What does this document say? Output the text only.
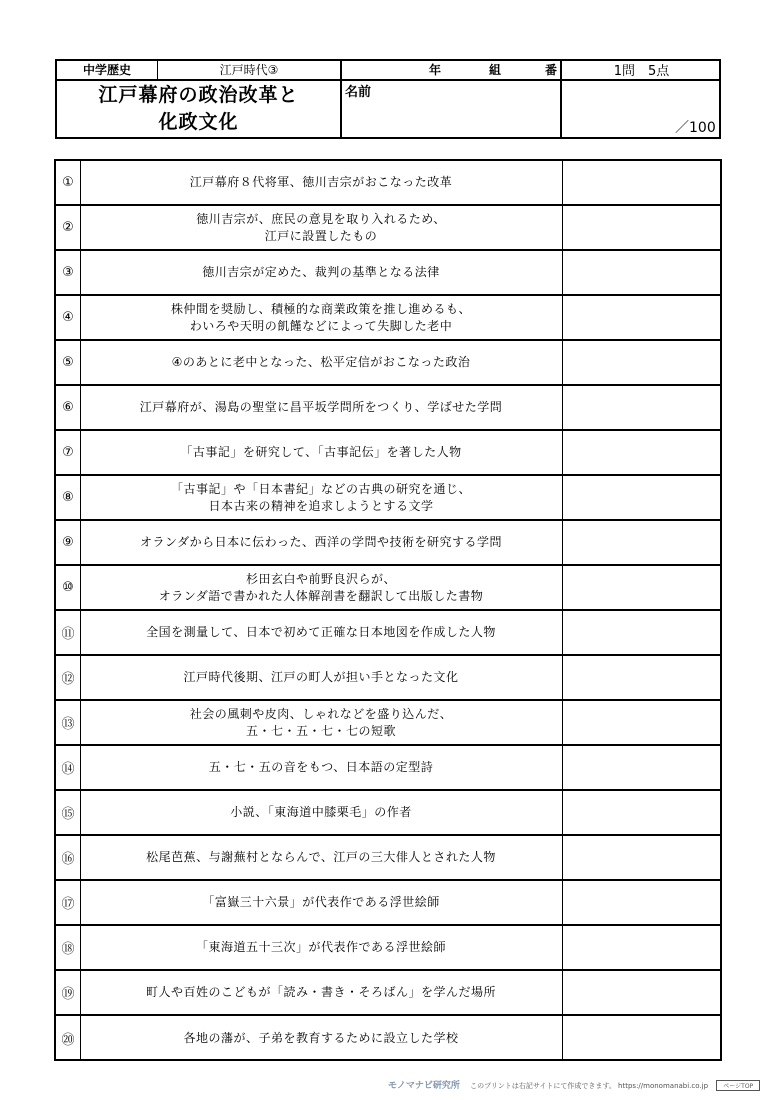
中学歴史	江戸時代③	年	組	番	1問　5点
江戸幕府の政治改革と
化政文化
名前
／100
①	江戸幕府８代将軍、徳川吉宗がおこなった改革
②
徳川吉宗が、庶民の意見を取り入れるため、
江戸に設置したもの
③	徳川吉宗が定めた、裁判の基準となる法律
④
株仲間を奨励し、積極的な商業政策を推し進めるも、
わいろや天明の飢饉などによって失脚した老中
⑤	④のあとに老中となった、松平定信がおこなった政治
⑥	江戸幕府が、湯島の聖堂に昌平坂学問所をつくり、学ばせた学問
⑦	「古事記」を研究して、「古事記伝」を著した人物
⑧
「古事記」や「日本書紀」などの古典の研究を通じ、
日本古来の精神を追求しようとする文学
⑨	オランダから日本に伝わった、西洋の学問や技術を研究する学問
⑩
杉田玄白や前野良沢らが、
オランダ語で書かれた人体解剖書を翻訳して出版した書物
⑪	全国を測量して、日本で初めて正確な日本地図を作成した人物
⑫	江戸時代後期、江戸の町人が担い手となった文化
⑬
社会の風刺や皮肉、しゃれなどを盛り込んだ、
五・七・五・七・七の短歌
⑭	五・七・五の音をもつ、日本語の定型詩
⑮	小説、「東海道中膝栗毛」の作者
⑯	松尾芭蕉、与謝蕪村とならんで、江戸の三大俳人とされた人物
⑰	「富嶽三十六景」が代表作である浮世絵師
⑱	「東海道五十三次」が代表作である浮世絵師
⑲	町人や百姓のこどもが「読み・書き・そろばん」を学んだ場所
⑳	各地の藩が、子弟を教育するために設立した学校
モノマナビ研究所 このプリントは右記サイトにて作成できます。 https://monomanabi.co.jp	ページTOP
